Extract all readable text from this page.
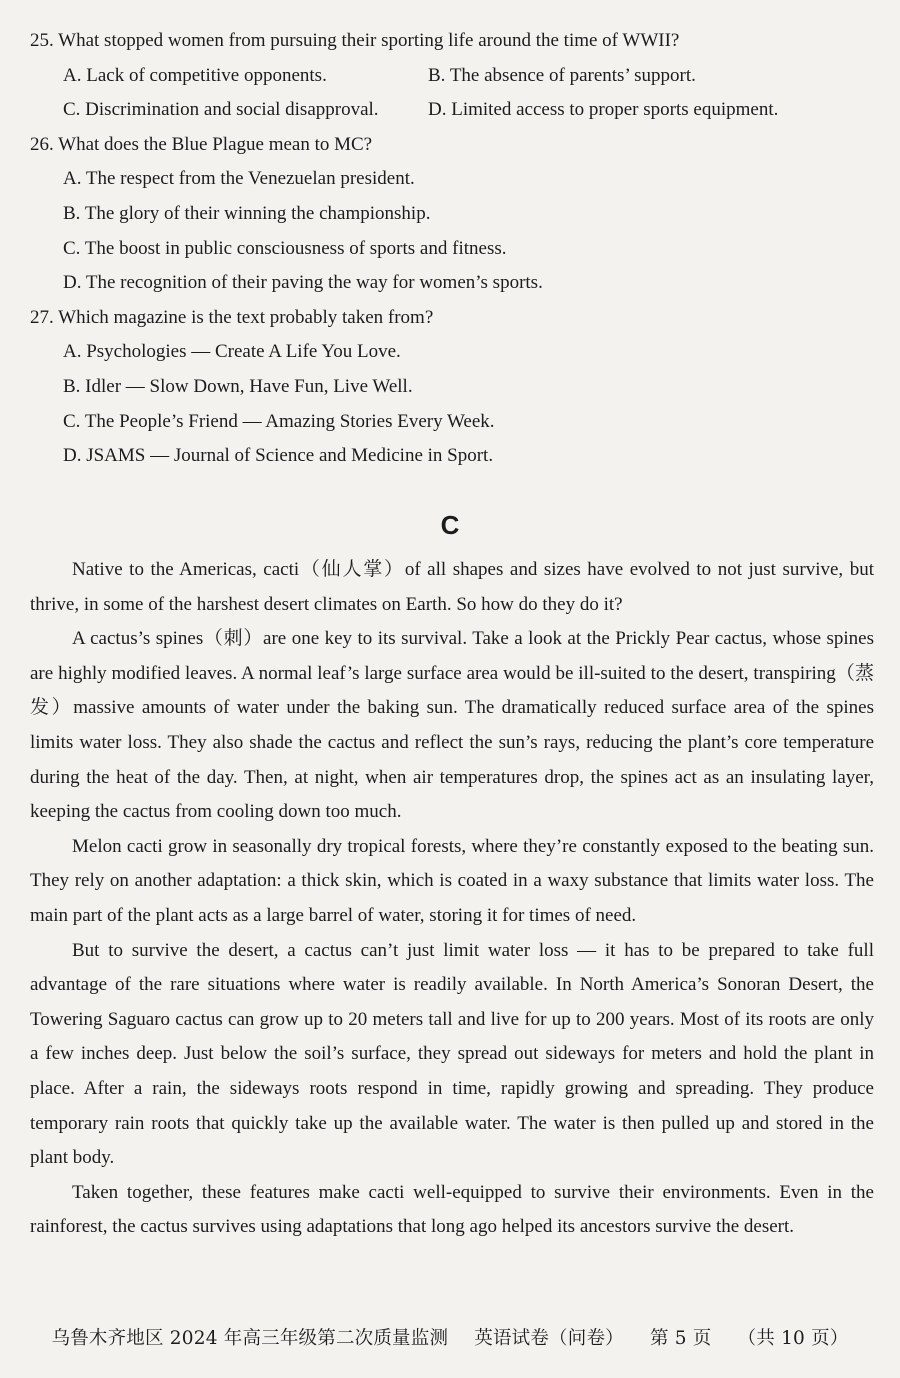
25. What stopped women from pursuing their sporting life around the time of WWII?
A. Lack of competitive opponents.	B. The absence of parents’ support.
C. Discrimination and social disapproval.	D. Limited access to proper sports equipment.
26. What does the Blue Plague mean to MC?
A. The respect from the Venezuelan president.
B. The glory of their winning the championship.
C. The boost in public consciousness of sports and fitness.
D. The recognition of their paving the way for women’s sports.
27. Which magazine is the text probably taken from?
A. Psychologies — Create A Life You Love.
B. Idler — Slow Down, Have Fun, Live Well.
C. The People’s Friend — Amazing Stories Every Week.
D. JSAMS — Journal of Science and Medicine in Sport.
C

Native to the Americas, cacti（仙人掌）of all shapes and sizes have evolved to not just survive, but thrive, in some of the harshest desert climates on Earth. So how do they do it?

A cactus’s spines（刺）are one key to its survival. Take a look at the Prickly Pear cactus, whose spines are highly modified leaves. A normal leaf’s large surface area would be ill-suited to the desert, transpiring（蒸发）massive amounts of water under the baking sun. The dramatically reduced surface area of the spines limits water loss. They also shade the cactus and reflect the sun’s rays, reducing the plant’s core temperature during the heat of the day. Then, at night, when air temperatures drop, the spines act as an insulating layer, keeping the cactus from cooling down too much.

Melon cacti grow in seasonally dry tropical forests, where they’re constantly exposed to the beating sun. They rely on another adaptation: a thick skin, which is coated in a waxy substance that limits water loss. The main part of the plant acts as a large barrel of water, storing it for times of need.

But to survive the desert, a cactus can’t just limit water loss — it has to be prepared to take full advantage of the rare situations where water is readily available. In North America’s Sonoran Desert, the Towering Saguaro cactus can grow up to 20 meters tall and live for up to 200 years. Most of its roots are only a few inches deep. Just below the soil’s surface, they spread out sideways for meters and hold the plant in place. After a rain, the sideways roots respond in time, rapidly growing and spreading. They produce temporary rain roots that quickly take up the available water. The water is then pulled up and stored in the plant body.

Taken together, these features make cacti well-equipped to survive their environments. Even in the rainforest, the cactus survives using adaptations that long ago helped its ancestors survive the desert.

乌鲁木齐地区 2024 年高三年级第二次质量监测 英语试卷（问卷） 第 5 页 （共 10 页）
